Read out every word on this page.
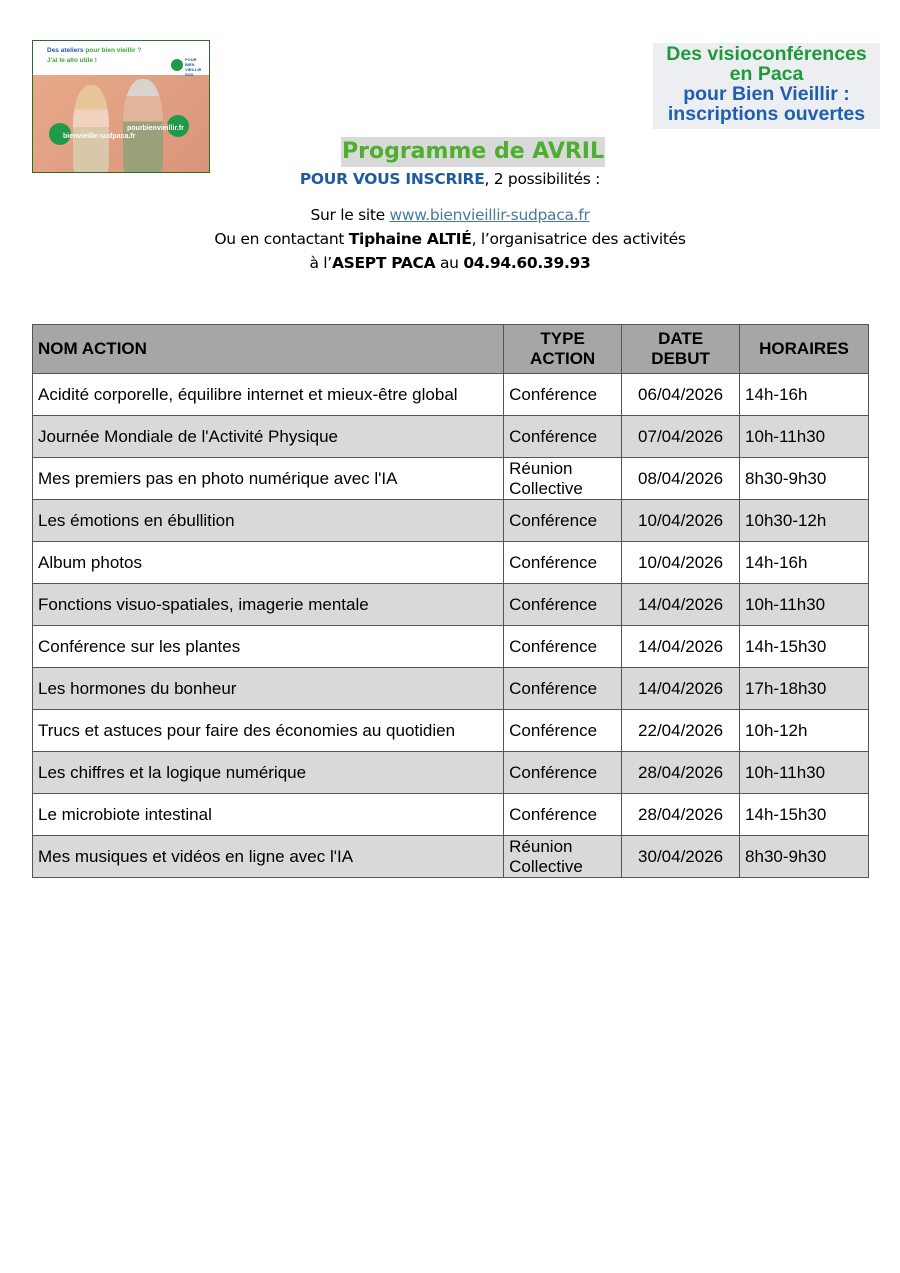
Des ateliers pour bien vieillir ?
J'ai le allo utile !	POUR BIEN VIEILLIR SUD
bienvieillir-sudpaca.fr
pourbienvieillir.fr
Des visioconférences
en Paca
pour Bien Vieillir :
inscriptions ouvertes
Programme de AVRIL
POUR VOUS INSCRIRE, 2 possibilités :
Sur le site www.bienvieillir-sudpaca.fr
Ou en contactant Tiphaine ALTIÉ, l’organisatrice des activités
à l’ASEPT PACA au 04.94.60.39.93
NOM ACTION	TYPE ACTION	DATE DEBUT	HORAIRES
Acidité corporelle, équilibre internet et mieux-être global	Conférence	06/04/2026	14h-16h
Journée Mondiale de l'Activité Physique	Conférence	07/04/2026	10h-11h30
Mes premiers pas en photo numérique avec l'IA	Réunion Collective	08/04/2026	8h30-9h30
Les émotions en ébullition	Conférence	10/04/2026	10h30-12h
Album photos	Conférence	10/04/2026	14h-16h
Fonctions visuo-spatiales, imagerie mentale	Conférence	14/04/2026	10h-11h30
Conférence sur les plantes	Conférence	14/04/2026	14h-15h30
Les hormones du bonheur	Conférence	14/04/2026	17h-18h30
Trucs et astuces pour faire des économies au quotidien	Conférence	22/04/2026	10h-12h
Les chiffres et la logique numérique	Conférence	28/04/2026	10h-11h30
Le microbiote intestinal	Conférence	28/04/2026	14h-15h30
Mes musiques et vidéos en ligne avec l'IA	Réunion Collective	30/04/2026	8h30-9h30
